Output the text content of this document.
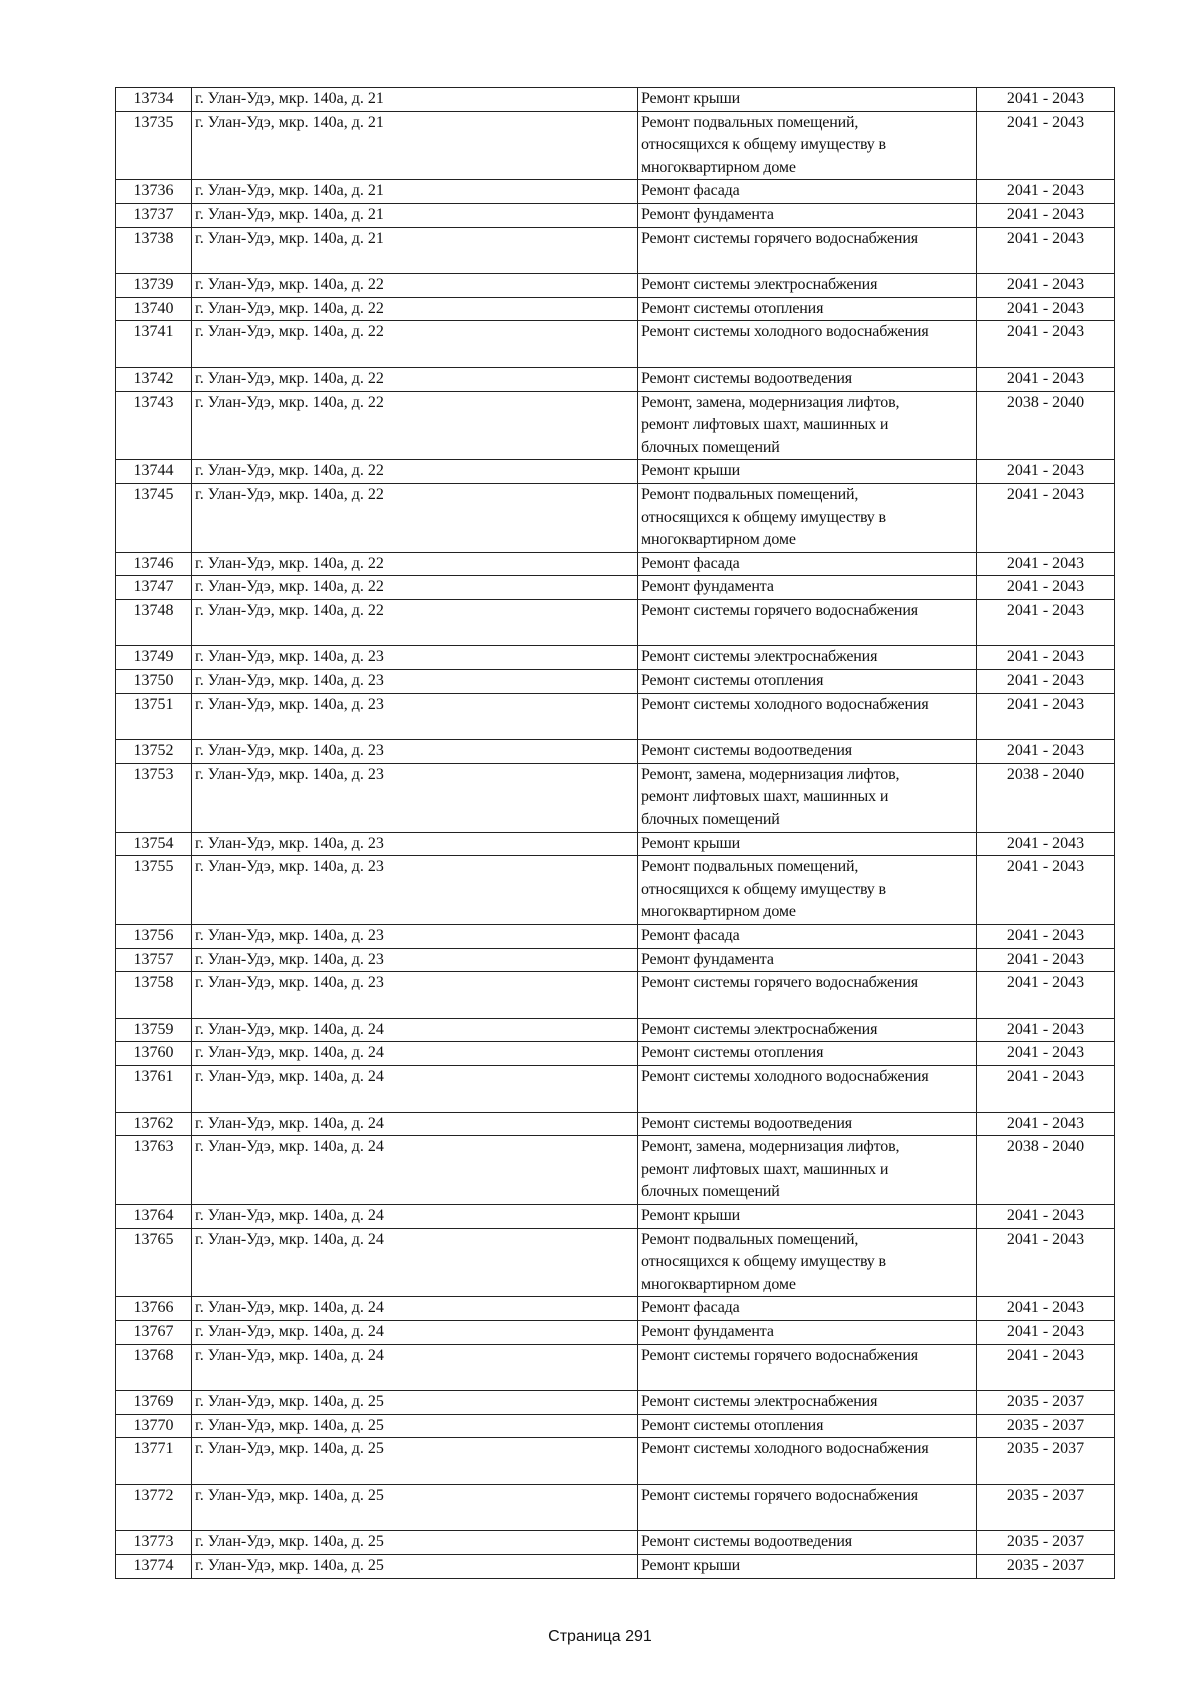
13734	г. Улан-Удэ, мкр. 140а, д. 21	Ремонт крыши	2041 - 2043
13735	г. Улан-Удэ, мкр. 140а, д. 21	Ремонт подвальных помещений,
относящихся к общему имуществу в
многоквартирном доме	2041 - 2043
13736	г. Улан-Удэ, мкр. 140а, д. 21	Ремонт фасада	2041 - 2043
13737	г. Улан-Удэ, мкр. 140а, д. 21	Ремонт фундамента	2041 - 2043
13738	г. Улан-Удэ, мкр. 140а, д. 21	Ремонт системы горячего водоснабжения	2041 - 2043
13739	г. Улан-Удэ, мкр. 140а, д. 22	Ремонт системы электроснабжения	2041 - 2043
13740	г. Улан-Удэ, мкр. 140а, д. 22	Ремонт системы отопления	2041 - 2043
13741	г. Улан-Удэ, мкр. 140а, д. 22	Ремонт системы холодного водоснабжения	2041 - 2043
13742	г. Улан-Удэ, мкр. 140а, д. 22	Ремонт системы водоотведения	2041 - 2043
13743	г. Улан-Удэ, мкр. 140а, д. 22	Ремонт, замена, модернизация лифтов,
ремонт лифтовых шахт, машинных и
блочных помещений	2038 - 2040
13744	г. Улан-Удэ, мкр. 140а, д. 22	Ремонт крыши	2041 - 2043
13745	г. Улан-Удэ, мкр. 140а, д. 22	Ремонт подвальных помещений,
относящихся к общему имуществу в
многоквартирном доме	2041 - 2043
13746	г. Улан-Удэ, мкр. 140а, д. 22	Ремонт фасада	2041 - 2043
13747	г. Улан-Удэ, мкр. 140а, д. 22	Ремонт фундамента	2041 - 2043
13748	г. Улан-Удэ, мкр. 140а, д. 22	Ремонт системы горячего водоснабжения	2041 - 2043
13749	г. Улан-Удэ, мкр. 140а, д. 23	Ремонт системы электроснабжения	2041 - 2043
13750	г. Улан-Удэ, мкр. 140а, д. 23	Ремонт системы отопления	2041 - 2043
13751	г. Улан-Удэ, мкр. 140а, д. 23	Ремонт системы холодного водоснабжения	2041 - 2043
13752	г. Улан-Удэ, мкр. 140а, д. 23	Ремонт системы водоотведения	2041 - 2043
13753	г. Улан-Удэ, мкр. 140а, д. 23	Ремонт, замена, модернизация лифтов,
ремонт лифтовых шахт, машинных и
блочных помещений	2038 - 2040
13754	г. Улан-Удэ, мкр. 140а, д. 23	Ремонт крыши	2041 - 2043
13755	г. Улан-Удэ, мкр. 140а, д. 23	Ремонт подвальных помещений,
относящихся к общему имуществу в
многоквартирном доме	2041 - 2043
13756	г. Улан-Удэ, мкр. 140а, д. 23	Ремонт фасада	2041 - 2043
13757	г. Улан-Удэ, мкр. 140а, д. 23	Ремонт фундамента	2041 - 2043
13758	г. Улан-Удэ, мкр. 140а, д. 23	Ремонт системы горячего водоснабжения	2041 - 2043
13759	г. Улан-Удэ, мкр. 140а, д. 24	Ремонт системы электроснабжения	2041 - 2043
13760	г. Улан-Удэ, мкр. 140а, д. 24	Ремонт системы отопления	2041 - 2043
13761	г. Улан-Удэ, мкр. 140а, д. 24	Ремонт системы холодного водоснабжения	2041 - 2043
13762	г. Улан-Удэ, мкр. 140а, д. 24	Ремонт системы водоотведения	2041 - 2043
13763	г. Улан-Удэ, мкр. 140а, д. 24	Ремонт, замена, модернизация лифтов,
ремонт лифтовых шахт, машинных и
блочных помещений	2038 - 2040
13764	г. Улан-Удэ, мкр. 140а, д. 24	Ремонт крыши	2041 - 2043
13765	г. Улан-Удэ, мкр. 140а, д. 24	Ремонт подвальных помещений,
относящихся к общему имуществу в
многоквартирном доме	2041 - 2043
13766	г. Улан-Удэ, мкр. 140а, д. 24	Ремонт фасада	2041 - 2043
13767	г. Улан-Удэ, мкр. 140а, д. 24	Ремонт фундамента	2041 - 2043
13768	г. Улан-Удэ, мкр. 140а, д. 24	Ремонт системы горячего водоснабжения	2041 - 2043
13769	г. Улан-Удэ, мкр. 140а, д. 25	Ремонт системы электроснабжения	2035 - 2037
13770	г. Улан-Удэ, мкр. 140а, д. 25	Ремонт системы отопления	2035 - 2037
13771	г. Улан-Удэ, мкр. 140а, д. 25	Ремонт системы холодного водоснабжения	2035 - 2037
13772	г. Улан-Удэ, мкр. 140а, д. 25	Ремонт системы горячего водоснабжения	2035 - 2037
13773	г. Улан-Удэ, мкр. 140а, д. 25	Ремонт системы водоотведения	2035 - 2037
13774	г. Улан-Удэ, мкр. 140а, д. 25	Ремонт крыши	2035 - 2037
Страница 291
